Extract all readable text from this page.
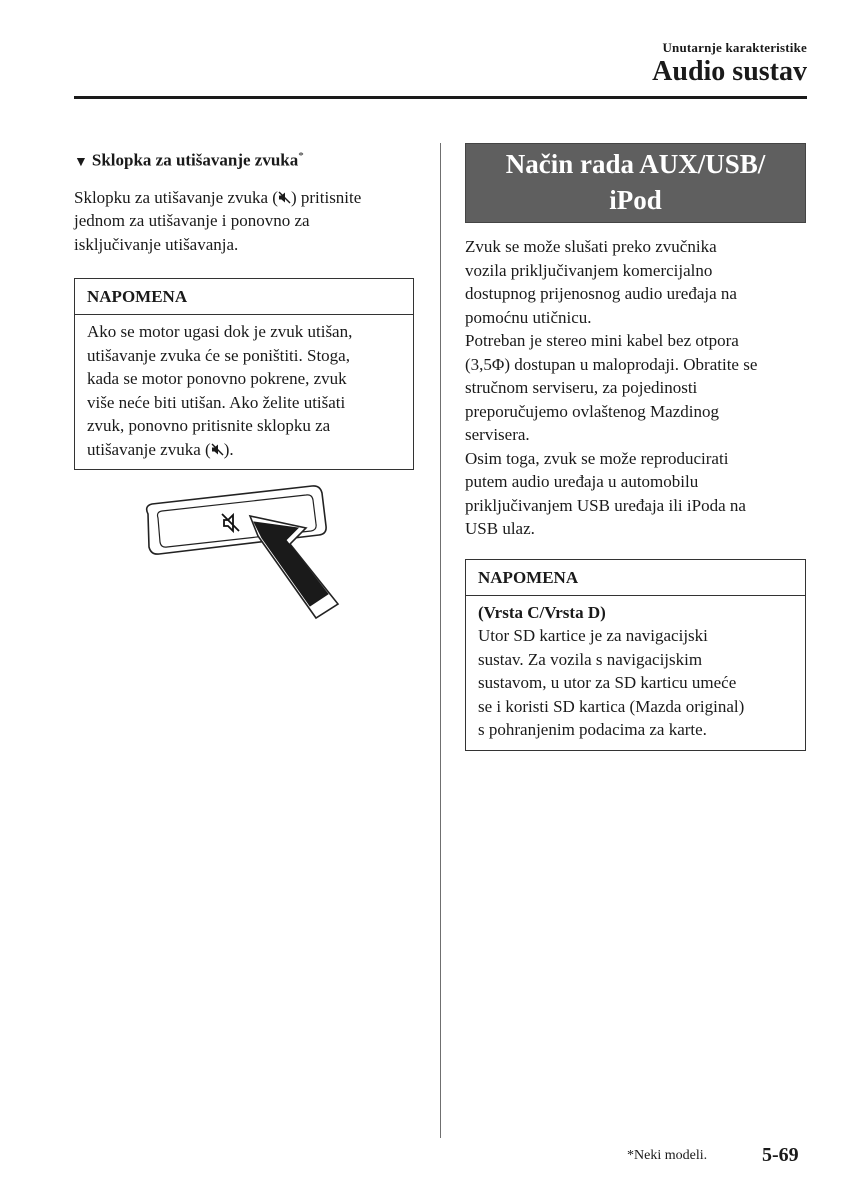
Unutarnje karakteristike
Audio sustav
▼ Sklopka za utišavanje zvuka*

Sklopku za utišavanje zvuka ( ) pritisnite
jednom za utišavanje i ponovno za
isključivanje utišavanja.

NAPOMENA
Ako se motor ugasi dok je zvuk utišan,
utišavanje zvuka će se poništiti. Stoga,
kada se motor ponovno pokrene, zvuk
više neće biti utišan. Ako želite utišati
zvuk, ponovno pritisnite sklopku za
utišavanje zvuka ( ).
Način rada AUX/USB/
iPod

Zvuk se može slušati preko zvučnika
vozila priključivanjem komercijalno
dostupnog prijenosnog audio uređaja na
pomoćnu utičnicu.
Potreban je stereo mini kabel bez otpora
(3,5Φ) dostupan u maloprodaji. Obratite se
stručnom serviseru, za pojedinosti
preporučujemo ovlaštenog Mazdinog
servisera.
Osim toga, zvuk se može reproducirati
putem audio uređaja u automobilu
priključivanjem USB uređaja ili iPoda na
USB ulaz.

NAPOMENA
(Vrsta C/Vrsta D)
Utor SD kartice je za navigacijski
sustav. Za vozila s navigacijskim
sustavom, u utor za SD karticu umeće
se i koristi SD kartica (Mazda original)
s pohranjenim podacima za karte.
*Neki modeli.	5-69
